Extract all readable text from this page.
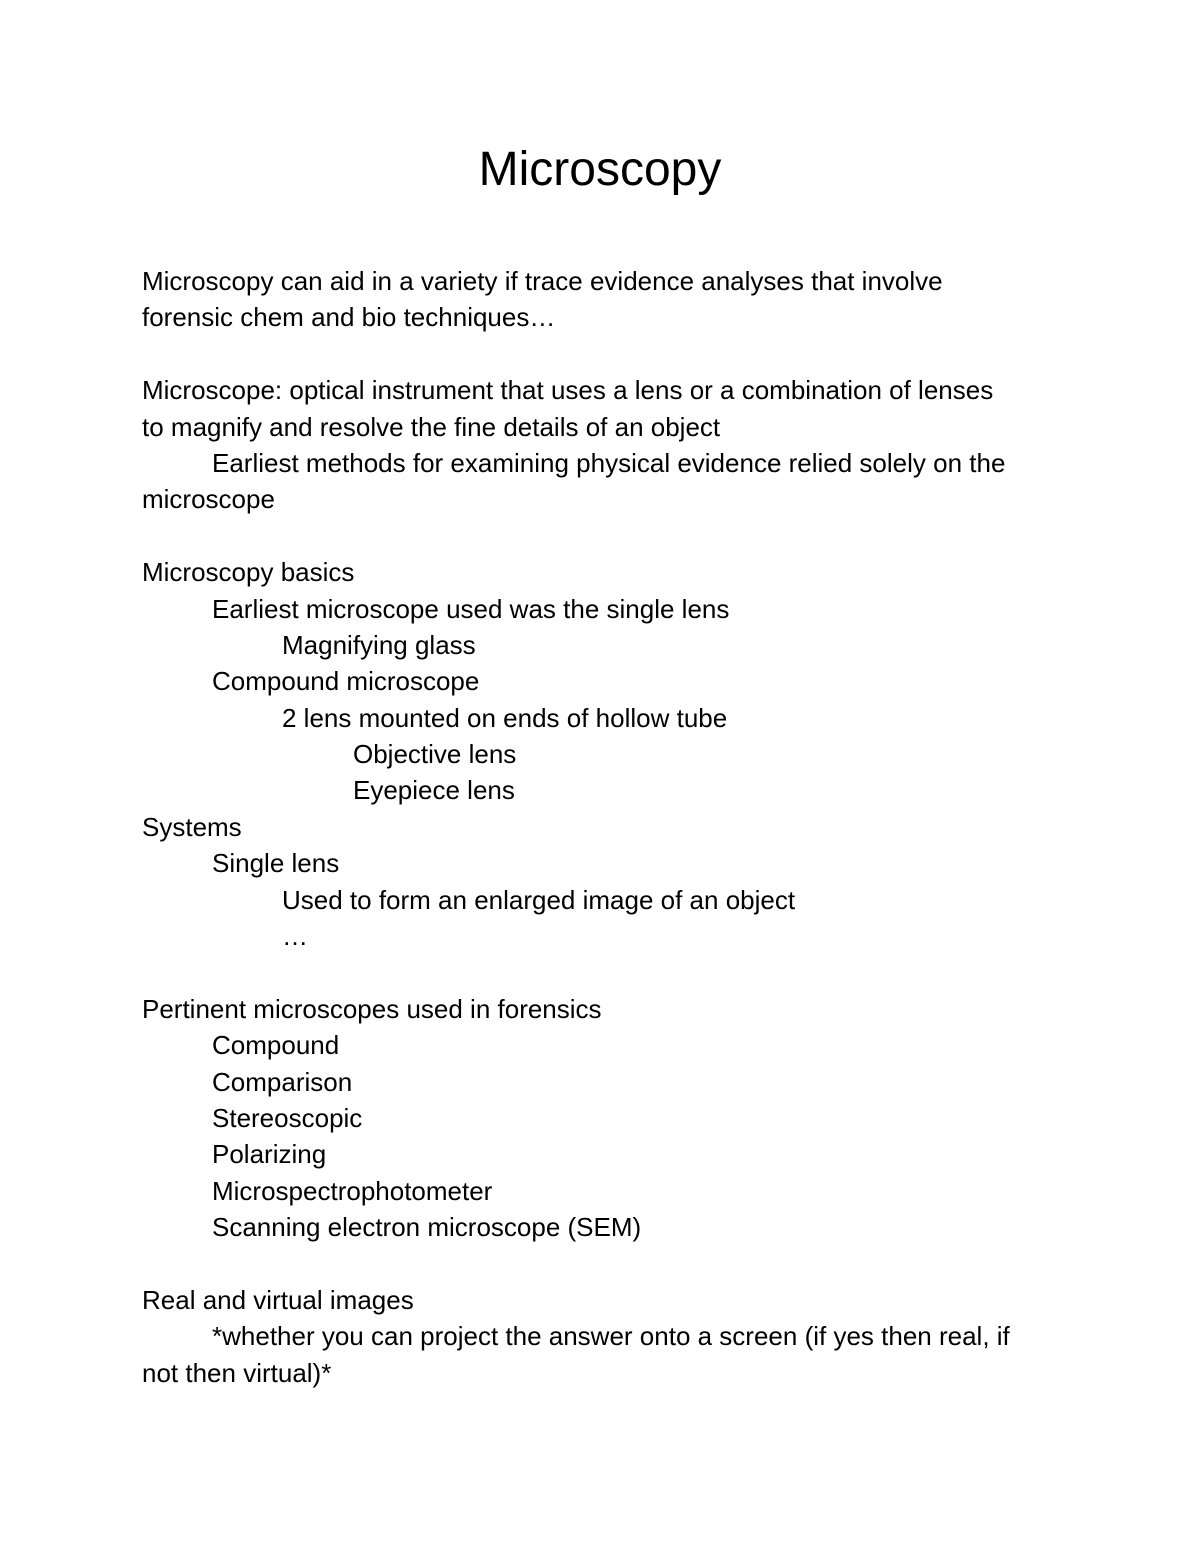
Microscopy
Microscopy can aid in a variety if trace evidence analyses that involve
forensic chem and bio techniques…
Microscope: optical instrument that uses a lens or a combination of lenses
to magnify and resolve the fine details of an object
Earliest methods for examining physical evidence relied solely on the
microscope
Microscopy basics
Earliest microscope used was the single lens
Magnifying glass
Compound microscope
2 lens mounted on ends of hollow tube
Objective lens
Eyepiece lens
Systems
Single lens
Used to form an enlarged image of an object
…
Pertinent microscopes used in forensics
Compound
Comparison
Stereoscopic
Polarizing
Microspectrophotometer
Scanning electron microscope (SEM)
Real and virtual images
*whether you can project the answer onto a screen (if yes then real, if
not then virtual)*
